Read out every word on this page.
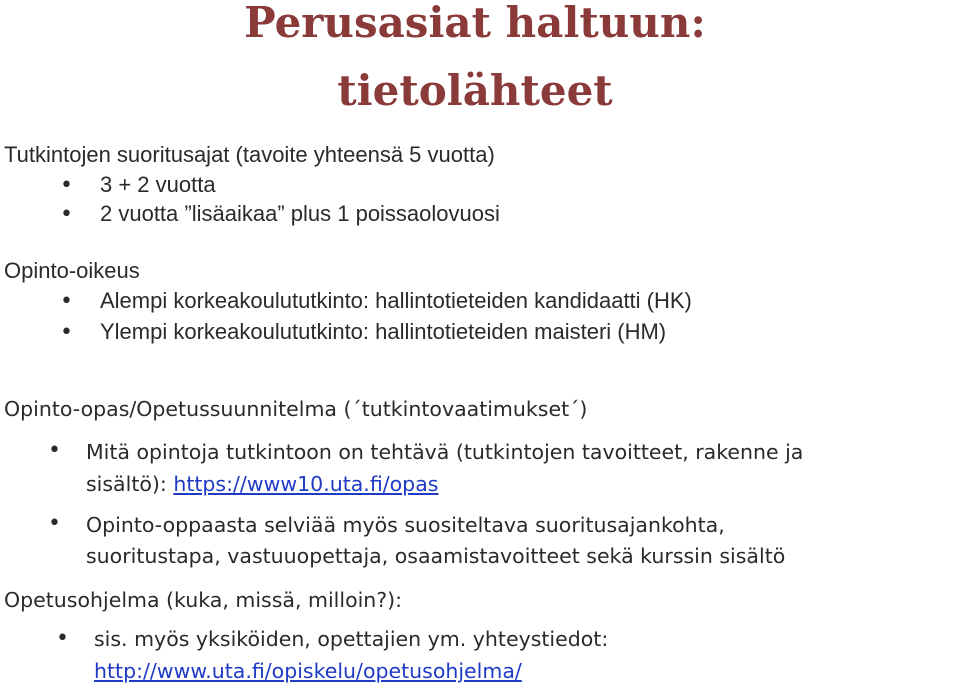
Perusasiat haltuun:
tietolähteet

Tutkintojen suoritusajat (tavoite yhteensä 5 vuotta)

• 3 + 2 vuotta

• 2 vuotta ”lisäaikaa” plus 1 poissaolovuosi

Opinto-oikeus

• Alempi korkeakoulututkinto: hallintotieteiden kandidaatti (HK)

• Ylempi korkeakoulututkinto: hallintotieteiden maisteri (HM)

Opinto-opas/Opetussuunnitelma (´tutkintovaatimukset´)

• Mitä opintoja tutkintoon on tehtävä (tutkintojen tavoitteet, rakenne ja

sisältö): https://www10.uta.fi/opas

• Opinto-oppaasta selviää myös suositeltava suoritusajankohta,

suoritustapa, vastuuopettaja, osaamistavoitteet sekä kurssin sisältö

Opetusohjelma (kuka, missä, milloin?):

• sis. myös yksiköiden, opettajien ym. yhteystiedot:

http://www.uta.fi/opiskelu/opetusohjelma/
